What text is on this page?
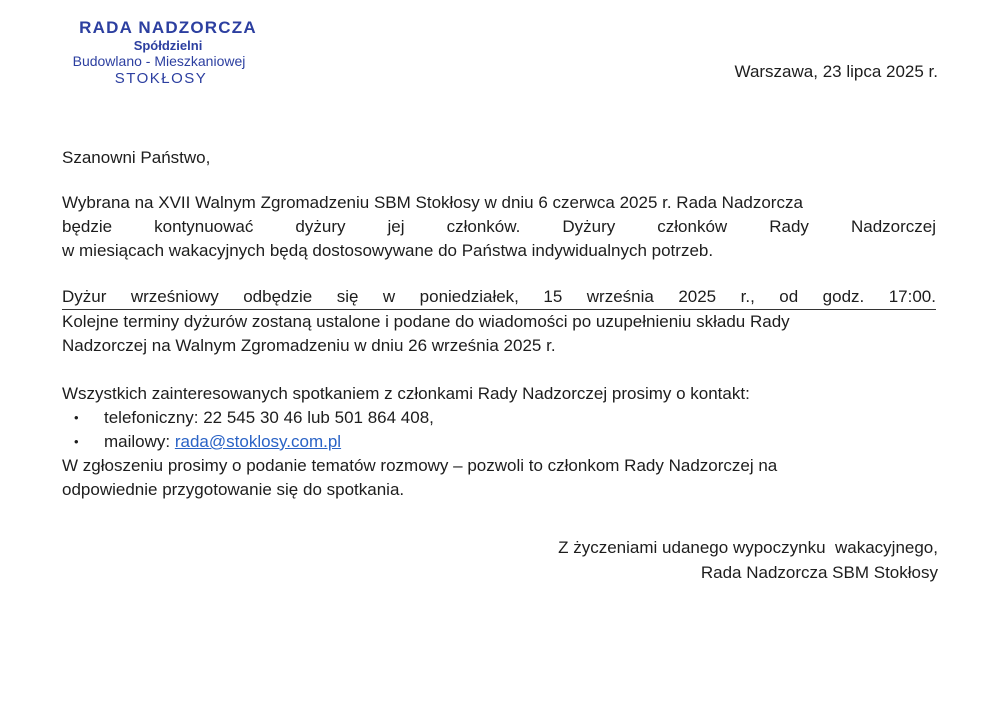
RADA NADZORCZA
Spółdzielni
Budowlano - Mieszkaniowej
STOKŁOSY	Warszawa, 23 lipca 2025 r.
Szanowni Państwo,
Wybrana na XVII Walnym Zgromadzeniu SBM Stokłosy w dniu 6 czerwca 2025 r. Rada Nadzorcza
będzie kontynuować dyżury jej członków. Dyżury członków Rady Nadzorczej
w miesiącach wakacyjnych będą dostosowywane do Państwa indywidualnych potrzeb.
Dyżur wrześniowy odbędzie się w poniedziałek, 15 września 2025 r., od godz. 17:00.
Kolejne terminy dyżurów zostaną ustalone i podane do wiadomości po uzupełnieniu składu Rady
Nadzorczej na Walnym Zgromadzeniu w dniu 26 września 2025 r.
Wszystkich zainteresowanych spotkaniem z członkami Rady Nadzorczej prosimy o kontakt:
• telefoniczny: 22 545 30 46 lub 501 864 408,
• mailowy: rada@stoklosy.com.pl
W zgłoszeniu prosimy o podanie tematów rozmowy – pozwoli to członkom Rady Nadzorczej na
odpowiednie przygotowanie się do spotkania.
Z życzeniami udanego wypoczynku  wakacyjnego,
Rada Nadzorcza SBM Stokłosy
